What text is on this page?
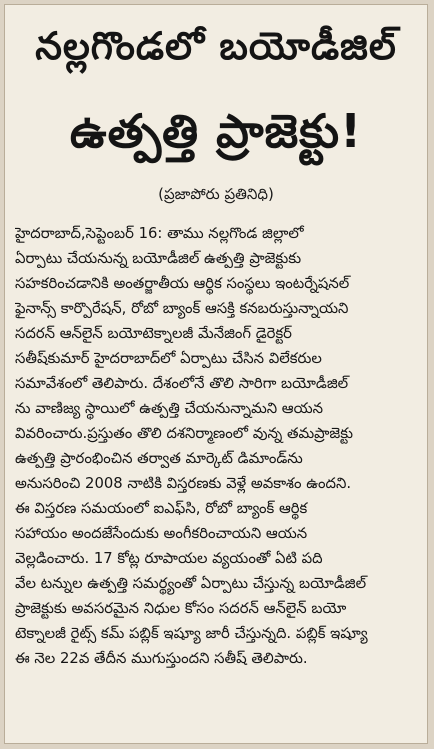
నల్లగొండలో బయోడీజిల్
ఉత్పత్తి ప్రాజెక్టు!
(ప్రజాపోరు ప్రతినిధి)
హైదరాబాద్,సెప్టెంబర్ 16: తాము నల్లగొండ జిల్లాలో
ఏర్పాటు చేయనున్న బయోడీజిల్ ఉత్పత్తి ప్రాజెక్టుకు
సహకరించడానికి అంతర్జాతీయ ఆర్థిక సంస్థలు ఇంటర్నేషనల్
ఫైనాన్స్ కార్పొరేషన్, రోబో బ్యాంక్ ఆసక్తి కనబరుస్తున్నాయని
సదరన్ ఆన్‌లైన్ బయోటెక్నాలజీ మేనేజింగ్ డైరెక్టర్
సతీష్‌కుమార్ హైదరాబాద్‌లో ఏర్పాటు చేసిన విలేకరుల
సమావేశంలో తెలిపారు. దేశంలోనే తొలి సారిగా బయోడీజిల్
ను వాణిజ్య స్థాయిలో ఉత్పత్తి చేయనున్నామని ఆయన
వివరించారు.ప్రస్తుతం తొలి దశనిర్మాణంలో వున్న తమప్రాజెక్టు
ఉత్పత్తి ప్రారంభించిన తర్వాత మార్కెట్ డిమాండ్‌ను
అనుసరించి 2008 నాటికి విస్తరణకు వెళ్లే అవకాశం ఉందని.
ఈ విస్తరణ సమయంలో ఐఎఫ్‌సి, రోబో బ్యాంక్ ఆర్థిక
సహాయం అందజేసేందుకు అంగీకరించాయని ఆయన
వెల్లడించారు. 17 కోట్ల రూపాయల వ్యయంతో ఏటి పది
వేల టన్నుల ఉత్పత్తి సమర్థ్యంతో ఏర్పాటు చేస్తున్న బయోడీజిల్
ప్రాజెక్టుకు అవసరమైన నిధుల కోసం సదరన్ ఆన్‌లైన్ బయో
టెక్నాలజీ రైట్స్ కమ్ పబ్లిక్ ఇష్యూ జారీ చేస్తున్నది. పబ్లిక్ ఇష్యూ
ఈ నెల 22వ తేదీన ముగుస్తుందని సతీష్ తెలిపారు.
